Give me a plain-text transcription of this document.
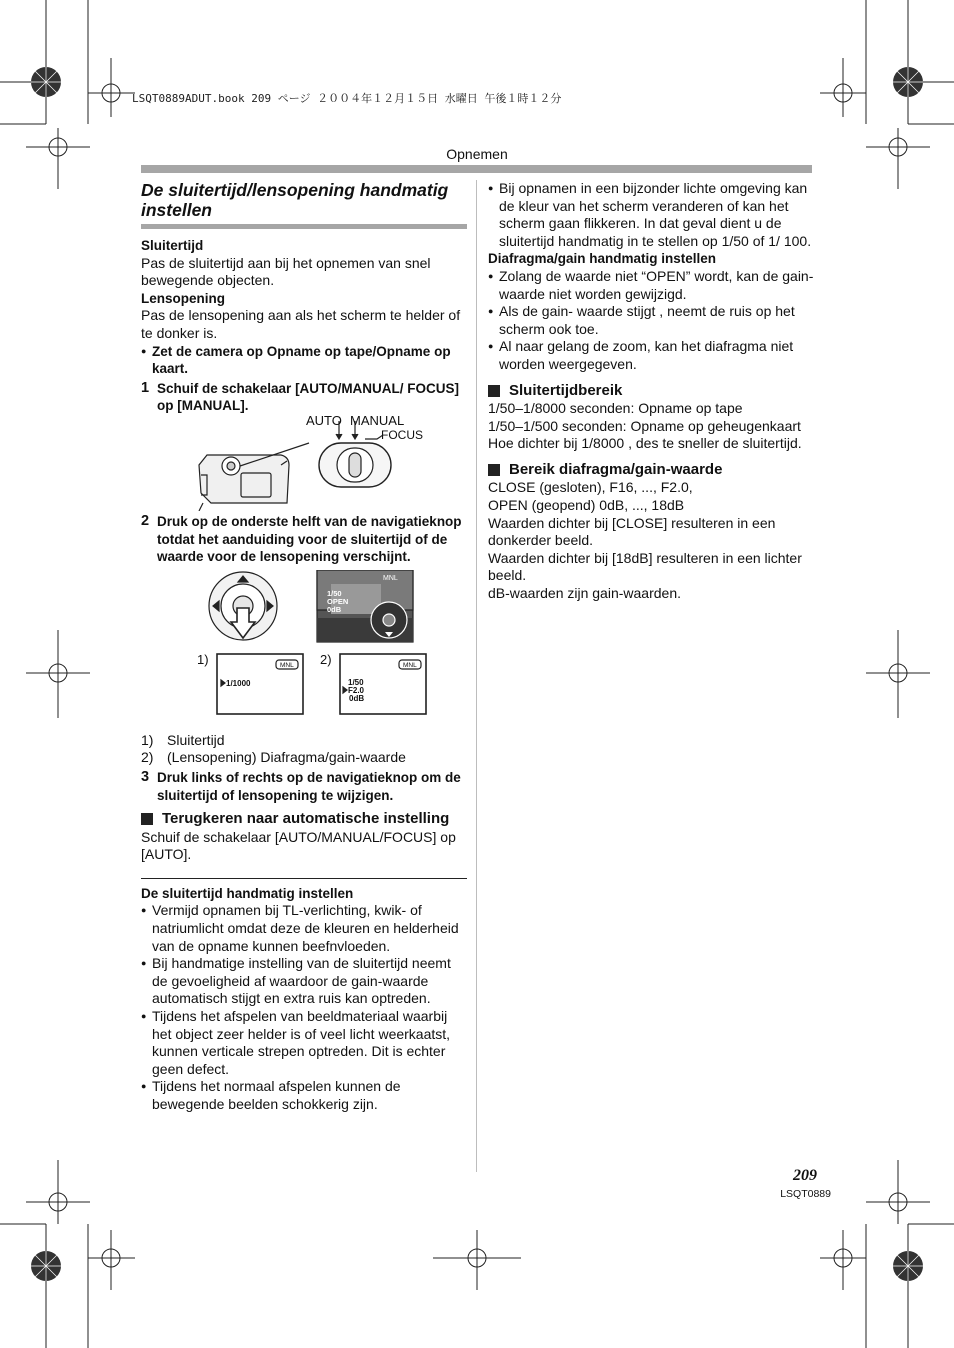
LSQT0889ADUT.book 209 ページ ２００４年１２月１５日 水曜日 午後１時１２分
Opnemen
De sluitertijd/lensopening handmatig instellen

Sluitertijd

Pas de sluitertijd aan bij het opnemen van snel bewegende objecten.

Lensopening

Pas de lensopening aan als het scherm te helder of te donker is.

● Zet de camera op Opname op tape/Opname op kaart.

1 Schuif de schakelaar [AUTO/MANUAL/ FOCUS] op [MANUAL].
AUTO MANUAL
FOCUS
2 Druk op de onderste helft van de navigatieknop totdat het aanduiding voor de sluitertijd of de waarde voor de lensopening verschijnt.
1/50
OPEN
0dB
MNL
1)	2)
MNL	MNL
1/1000	1/50
F2.0
0dB
1) Sluitertijd
2) (Lensopening) Diafragma/gain-waarde
3 Druk links of rechts op de navigatieknop om de sluitertijd of lensopening te wijzigen.
Terugkeren naar automatische instelling

Schuif de schakelaar [AUTO/MANUAL/FOCUS] op [AUTO].

De sluitertijd handmatig instellen

● Vermijd opnamen bij TL-verlichting, kwik- of natriumlicht omdat deze de kleuren en helderheid van de opname kunnen beefnvloeden.

● Bij handmatige instelling van de sluitertijd neemt de gevoeligheid af waardoor de gain-waarde automatisch stijgt en extra ruis kan optreden.

● Tijdens het afspelen van beeldmateriaal waarbij het object zeer helder is of veel licht weerkaatst, kunnen verticale strepen optreden. Dit is echter geen defect.

● Tijdens het normaal afspelen kunnen de bewegende beelden schokkerig zijn.

● Bij opnamen in een bijzonder lichte omgeving kan de kleur van het scherm veranderen of kan het scherm gaan flikkeren. In dat geval dient u de sluitertijd handmatig in te stellen op 1/50 of 1/ 100.

Diafragma/gain handmatig instellen

● Zolang de waarde niet “OPEN” wordt, kan de gain- waarde niet worden gewijzigd.

● Als de gain- waarde stijgt , neemt de ruis op het scherm ook toe.

● Al naar gelang de zoom, kan het diafragma niet worden weergegeven.

Sluitertijdbereik

1/50–1/8000 seconden: Opname op tape

1/50–1/500 seconden: Opname op geheugenkaart

Hoe dichter bij 1/8000 , des te sneller de sluitertijd.

Bereik diafragma/gain-waarde

CLOSE (gesloten), F16, ..., F2.0,

OPEN (geopend) 0dB, ..., 18dB

Waarden dichter bij [CLOSE] resulteren in een donkerder beeld.

Waarden dichter bij [18dB] resulteren in een lichter beeld.

dB-waarden zijn gain-waarden.

209
LSQT0889
